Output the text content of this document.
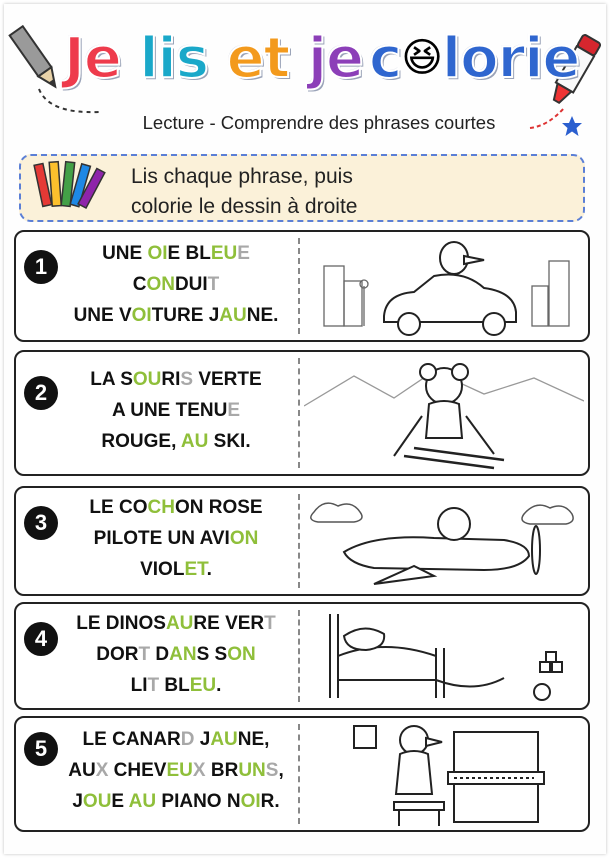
Je lis et je c😆lorie
Lecture - Comprendre des phrases courtes
Lis chaque phrase, puis
colorie le dessin à droite
1
UNE OIE BLEUE
CONDUIT
UNE VOITURE JAUNE.
2
LA SOURIS VERTE
A UNE TENUE
ROUGE, AU SKI.
3
LE COCHON ROSE
PILOTE UN AVION
VIOLET.
4
LE DINOSAURE VERT
DORT DANS SON
LIT BLEU.
5	LE CANARD JAUNE,
AUX CHEVEUX BRUNS,
JOUE AU PIANO NOIR.
